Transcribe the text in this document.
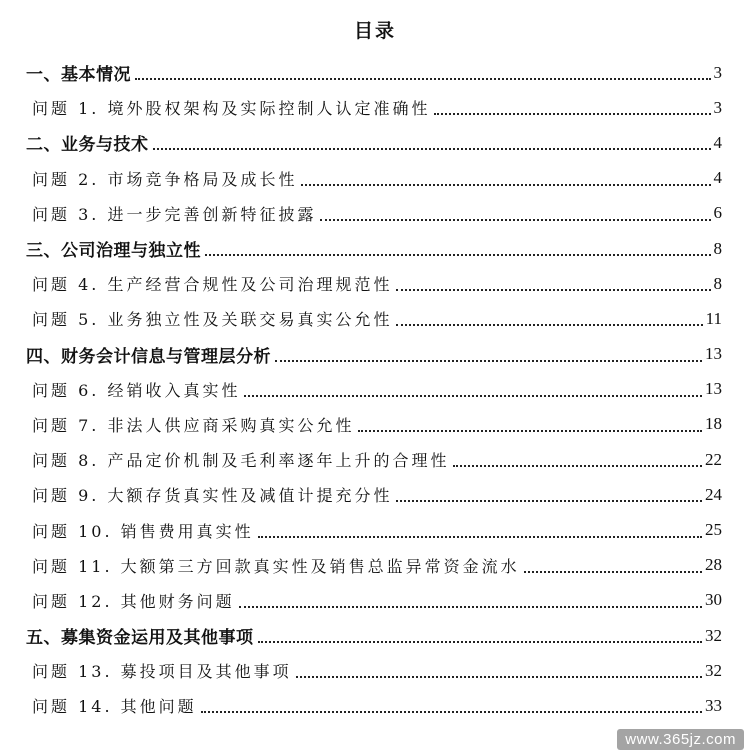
目录
一、基本情况	3
问题 1. 境外股权架构及实际控制人认定准确性	3
二、业务与技术	4
问题 2. 市场竞争格局及成长性	4
问题 3. 进一步完善创新特征披露	6
三、公司治理与独立性	8
问题 4. 生产经营合规性及公司治理规范性	8
问题 5. 业务独立性及关联交易真实公允性	11
四、财务会计信息与管理层分析	13
问题 6. 经销收入真实性	13
问题 7. 非法人供应商采购真实公允性	18
问题 8. 产品定价机制及毛利率逐年上升的合理性	22
问题 9. 大额存货真实性及减值计提充分性	24
问题 10. 销售费用真实性	25
问题 11. 大额第三方回款真实性及销售总监异常资金流水	28
问题 12. 其他财务问题	30
五、募集资金运用及其他事项	32
问题 13. 募投项目及其他事项	32
问题 14. 其他问题	33
www.365jz.com
